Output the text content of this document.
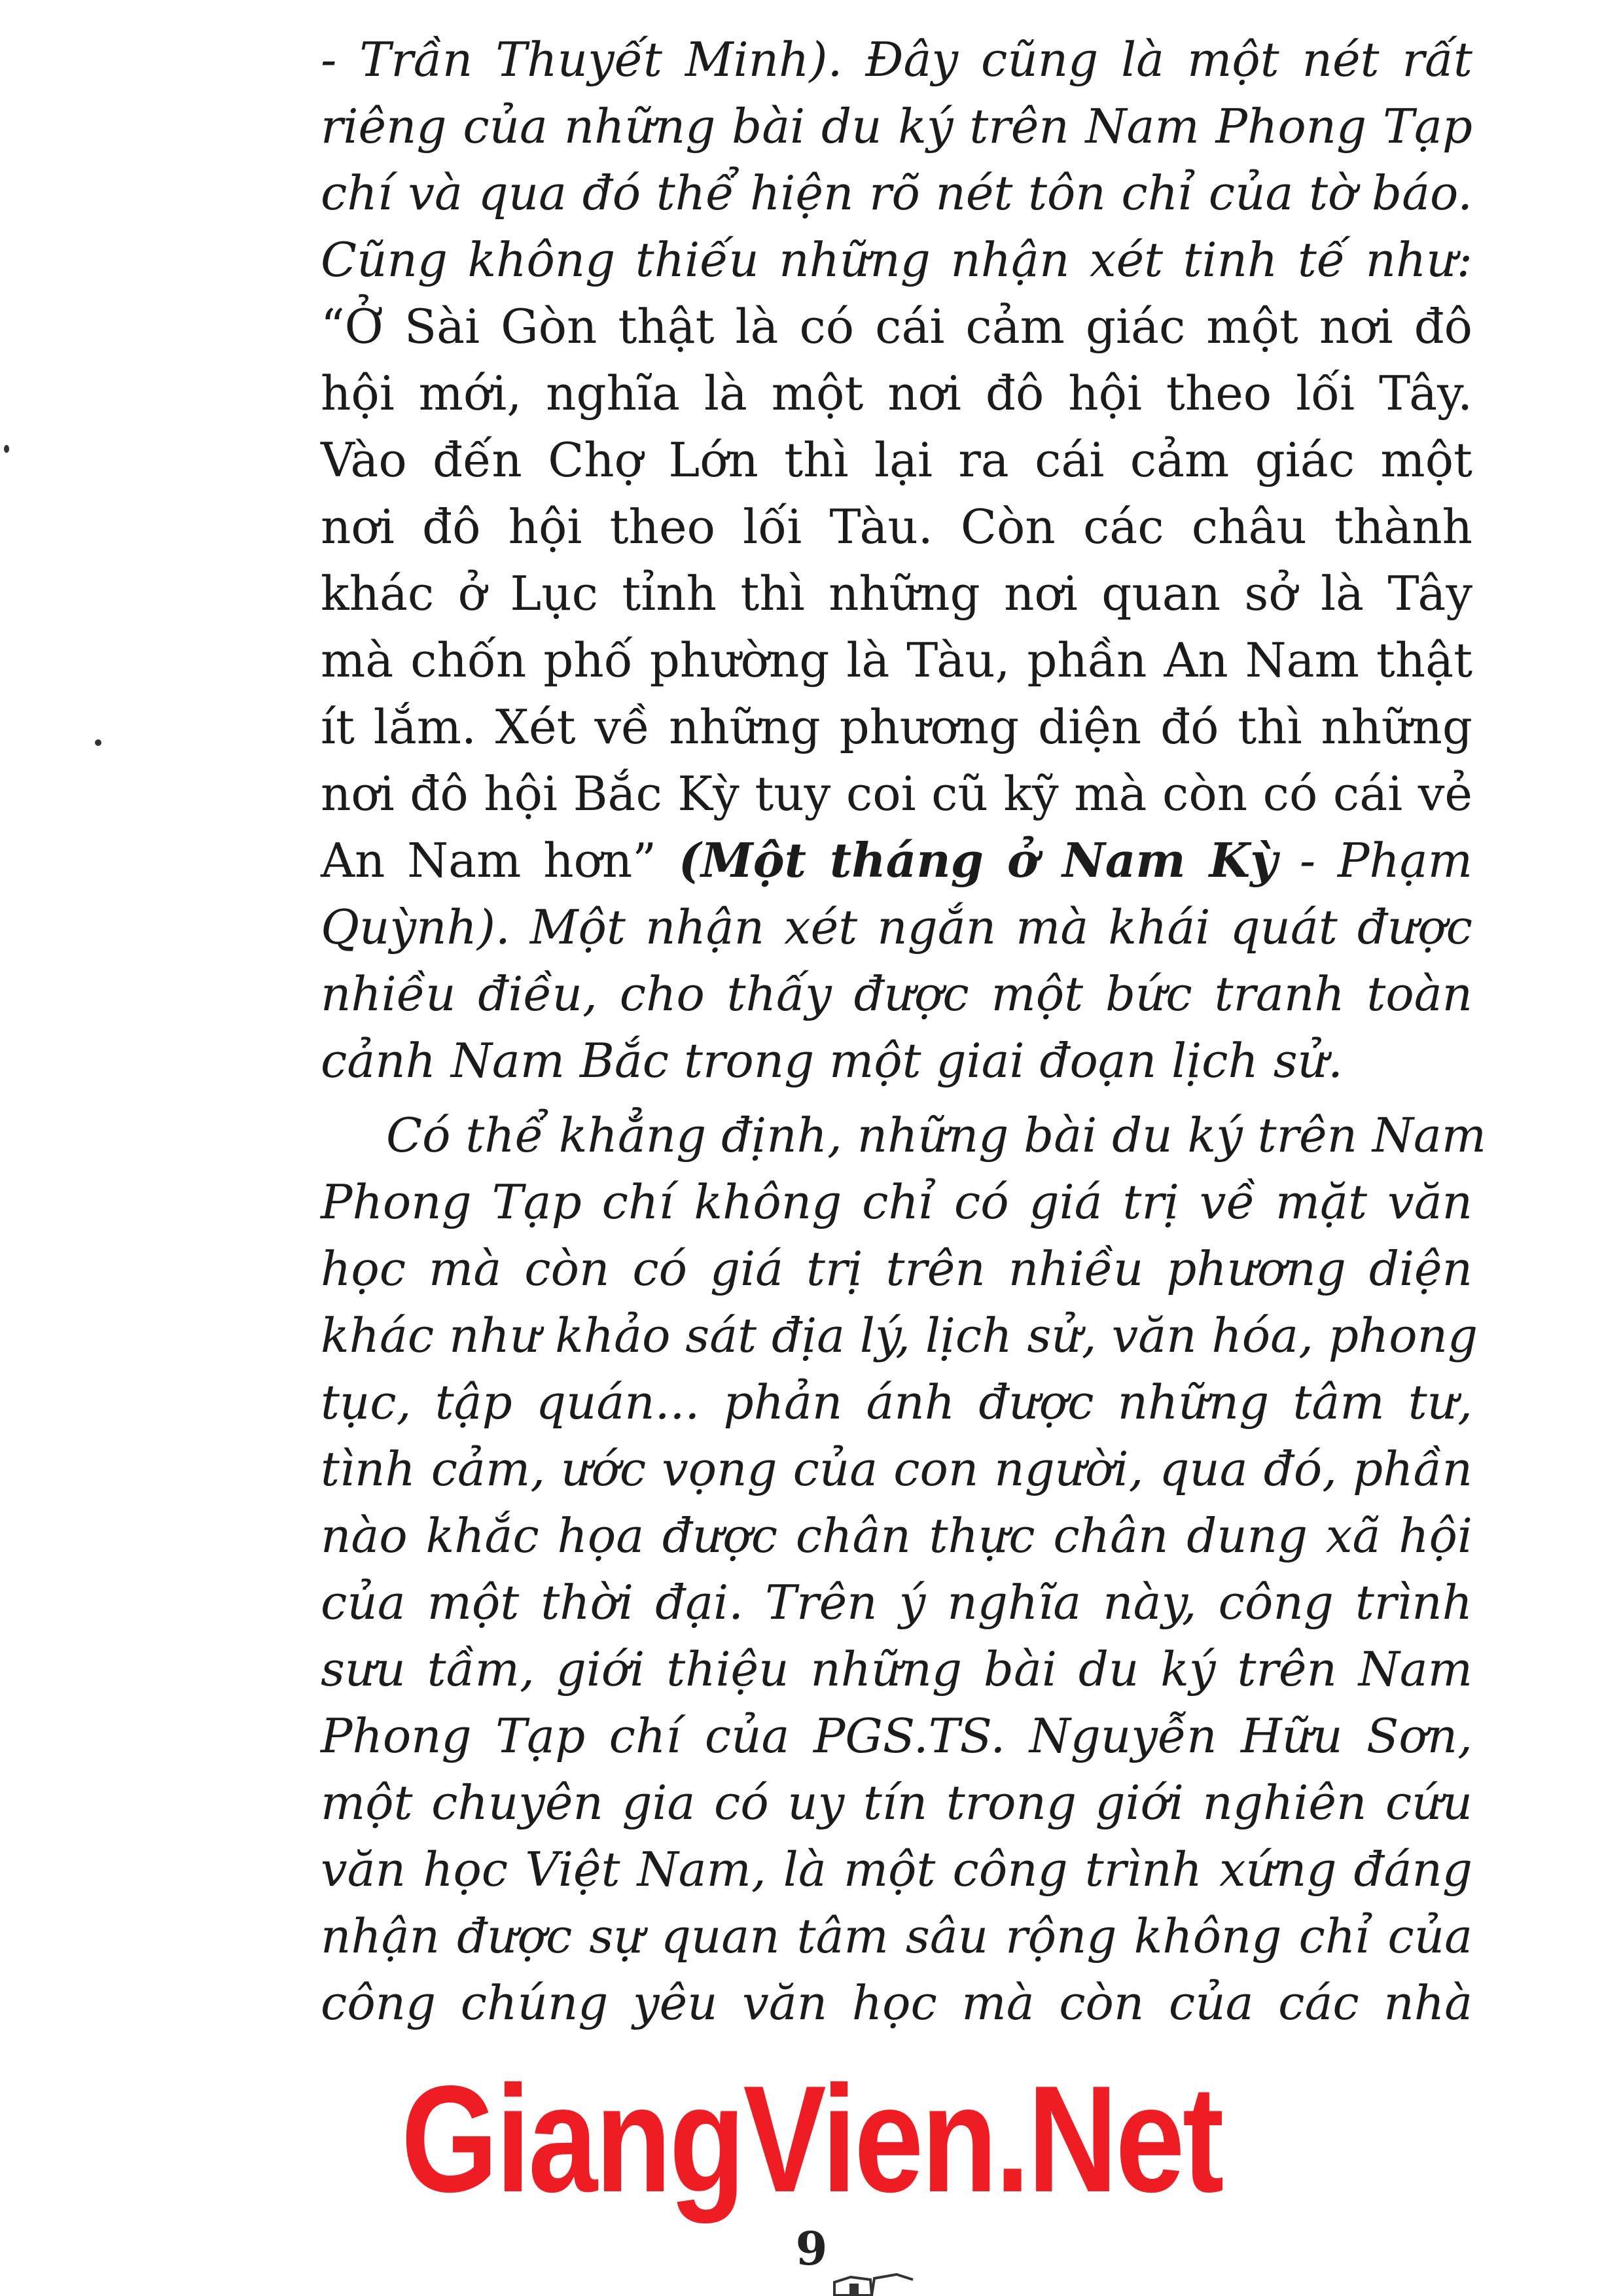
- Trần Thuyết Minh). Đây cũng là một nét rất
riêng của những bài du ký trên Nam Phong Tạp
chí và qua đó thể hiện rõ nét tôn chỉ của tờ báo.
Cũng không thiếu những nhận xét tinh tế như:
“Ở Sài Gòn thật là có cái cảm giác một nơi đô
hội mới, nghĩa là một nơi đô hội theo lối Tây.
Vào đến Chợ Lớn thì lại ra cái cảm giác một
nơi đô hội theo lối Tàu. Còn các châu thành
khác ở Lục tỉnh thì những nơi quan sở là Tây
mà chốn phố phường là Tàu, phần An Nam thật
ít lắm. Xét về những phương diện đó thì những
nơi đô hội Bắc Kỳ tuy coi cũ kỹ mà còn có cái vẻ
An Nam hơn” (Một tháng ở Nam Kỳ - Phạm
Quỳnh). Một nhận xét ngắn mà khái quát được
nhiều điều, cho thấy được một bức tranh toàn
cảnh Nam Bắc trong một giai đoạn lịch sử.
Có thể khẳng định, những bài du ký trên Nam
Phong Tạp chí không chỉ có giá trị về mặt văn
học mà còn có giá trị trên nhiều phương diện
khác như khảo sát địa lý, lịch sử, văn hóa, phong
tục, tập quán... phản ánh được những tâm tư,
tình cảm, ước vọng của con người, qua đó, phần
nào khắc họa được chân thực chân dung xã hội
của một thời đại. Trên ý nghĩa này, công trình
sưu tầm, giới thiệu những bài du ký trên Nam
Phong Tạp chí của PGS.TS. Nguyễn Hữu Sơn,
một chuyên gia có uy tín trong giới nghiên cứu
văn học Việt Nam, là một công trình xứng đáng
nhận được sự quan tâm sâu rộng không chỉ của
công chúng yêu văn học mà còn của các nhà
GiangVien.Net
9
